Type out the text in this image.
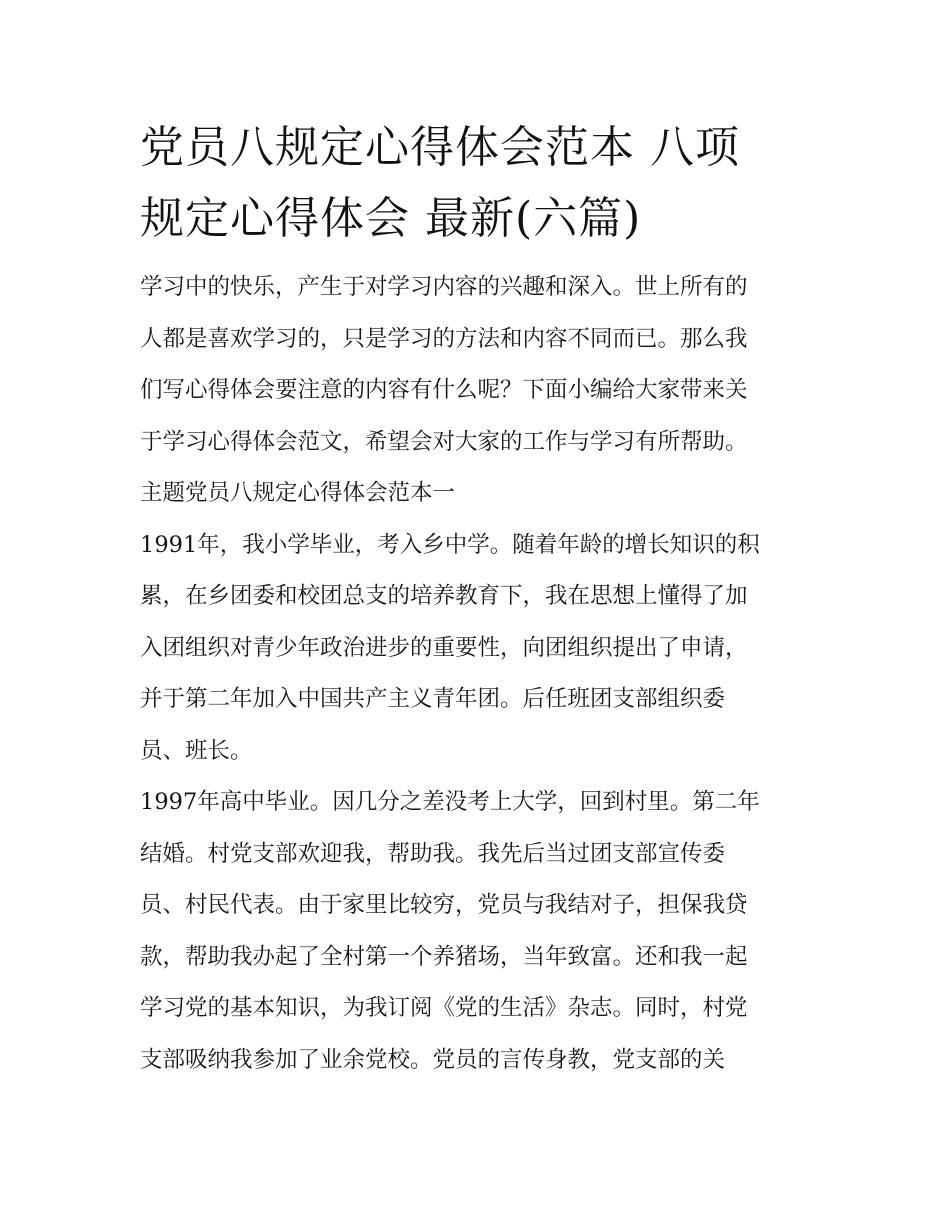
党员八规定心得体会范本 八项
规定心得体会 最新(六篇)

学习中的快乐，产生于对学习内容的兴趣和深入。世上所有的
人都是喜欢学习的，只是学习的方法和内容不同而已。那么我
们写心得体会要注意的内容有什么呢？下面小编给大家带来关
于学习心得体会范文，希望会对大家的工作与学习有所帮助。

主题党员八规定心得体会范本一

1991年，我小学毕业，考入乡中学。随着年龄的增长知识的积
累，在乡团委和校团总支的培养教育下，我在思想上懂得了加
入团组织对青少年政治进步的重要性，向团组织提出了申请，
并于第二年加入中国共产主义青年团。后任班团支部组织委
员、班长。

1997年高中毕业。因几分之差没考上大学，回到村里。第二年
结婚。村党支部欢迎我，帮助我。我先后当过团支部宣传委
员、村民代表。由于家里比较穷，党员与我结对子，担保我贷
款，帮助我办起了全村第一个养猪场，当年致富。还和我一起
学习党的基本知识，为我订阅《党的生活》杂志。同时，村党
支部吸纳我参加了业余党校。党员的言传身教，党支部的关
